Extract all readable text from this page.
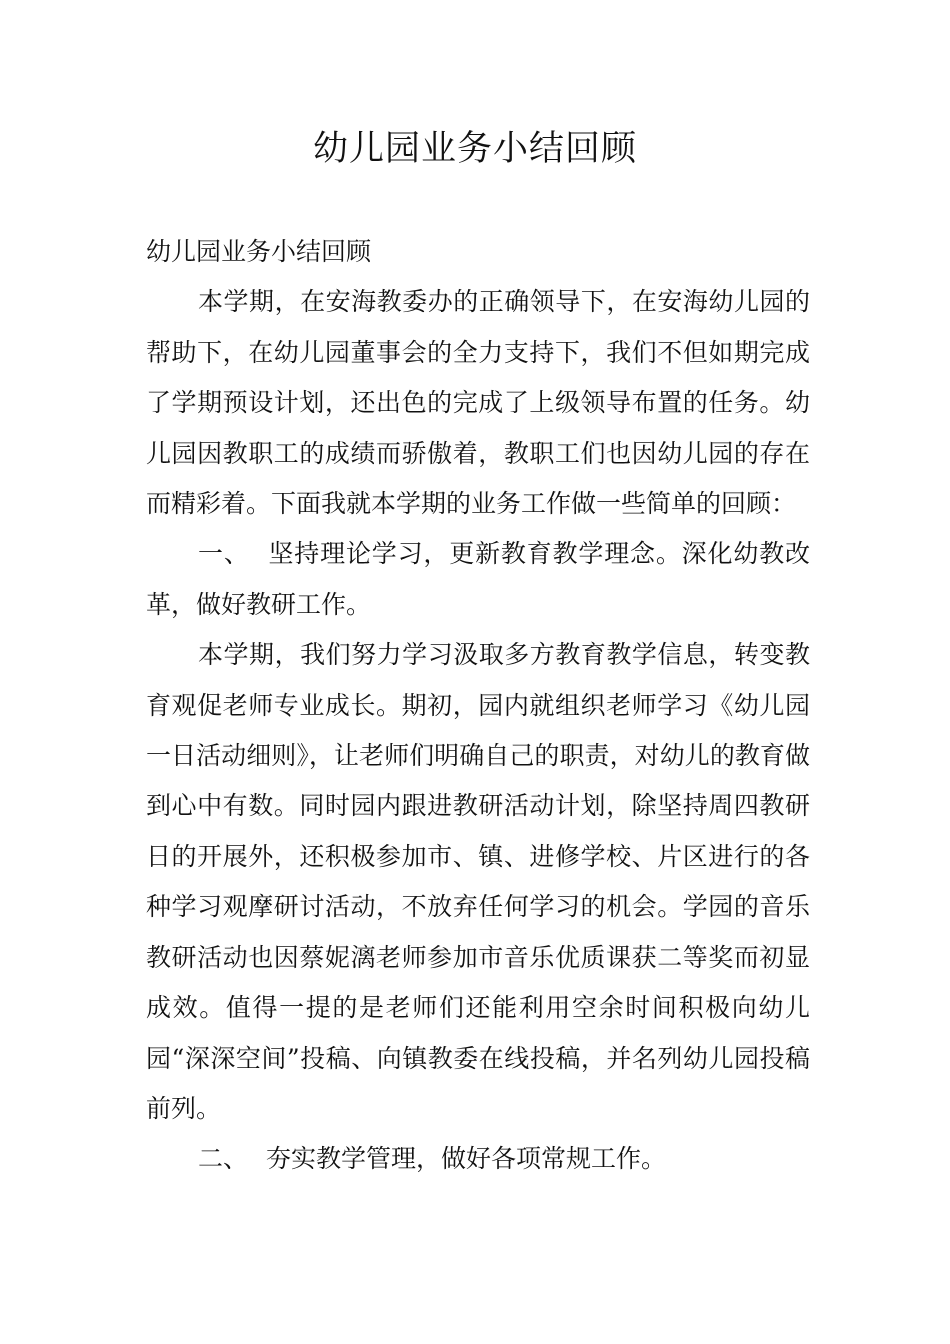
幼儿园业务小结回顾

幼儿园业务小结回顾

本学期，在安海教委办的正确领导下，在安海幼儿园的帮助下，在幼儿园董事会的全力支持下，我们不但如期完成了学期预设计划，还出色的完成了上级领导布置的任务。幼儿园因教职工的成绩而骄傲着，教职工们也因幼儿园的存在而精彩着。下面我就本学期的业务工作做一些简单的回顾：

一、 坚持理论学习，更新教育教学理念。深化幼教改革，做好教研工作。

本学期，我们努力学习汲取多方教育教学信息，转变教育观促老师专业成长。期初，园内就组织老师学习《幼儿园一日活动细则》，让老师们明确自己的职责，对幼儿的教育做到心中有数。同时园内跟进教研活动计划，除坚持周四教研日的开展外，还积极参加市、镇、进修学校、片区进行的各种学习观摩研讨活动，不放弃任何学习的机会。学园的音乐教研活动也因蔡妮漓老师参加市音乐优质课获二等奖而初显成效。值得一提的是老师们还能利用空余时间积极向幼儿园“深深空间”投稿、向镇教委在线投稿，并名列幼儿园投稿前列。

二、 夯实教学管理，做好各项常规工作。
